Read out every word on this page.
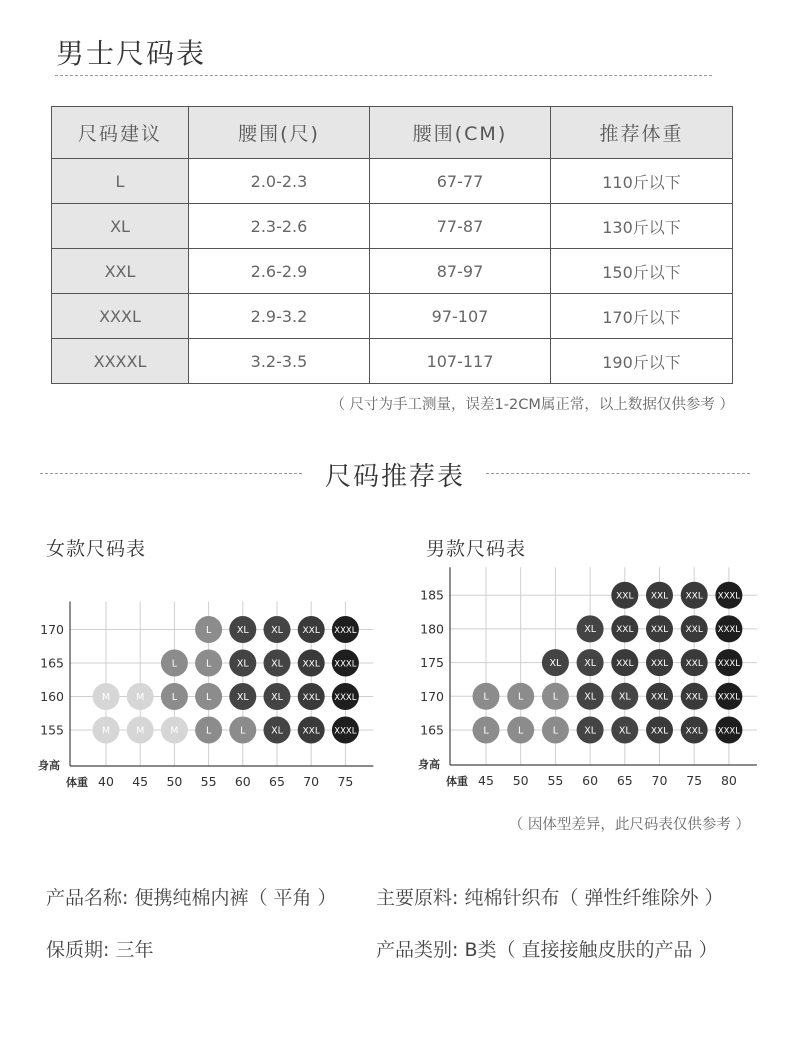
男士尺码表
尺码建议	腰围(尺)	腰围(CM)	推荐体重
L	2.0-2.3	67-77	110斤以下
XL	2.3-2.6	77-87	130斤以下
XXL	2.6-2.9	87-97	150斤以下
XXXL	2.9-3.2	97-107	170斤以下
XXXXL	3.2-3.5	107-117	190斤以下
（ 尺寸为手工测量，误差1-2CM属正常，以上数据仅供参考 ）
尺码推荐表
女款尺码表	男款尺码表
155
160
165
170
40 45 50 55 60 65 70 75
身高
体重
L	XL XL XXL XXXL
L	L	XL XL XXL XXXL
M	M	L	L	XL XL XXL XXXL
M	M	M	L	L	XL XXL XXXL	165
170
175
180
185
45 50 55 60 65 70 75 80
身高
体重
XXL XXL XXL XXXL
XL XXL XXL XXL XXXL
XL XL XXL XXL XXL XXXL
L	L	L	XL XL XXL XXL XXXL
L	L	L	XL XL XXL XXL XXXL
（ 因体型差异，此尺码表仅供参考 ）
产品名称: 便携纯棉内裤（ 平角 ） 主要原料: 纯棉针织布（ 弹性纤维除外 ）
保质期: 三年	产品类别: B类（ 直接接触皮肤的产品 ）
